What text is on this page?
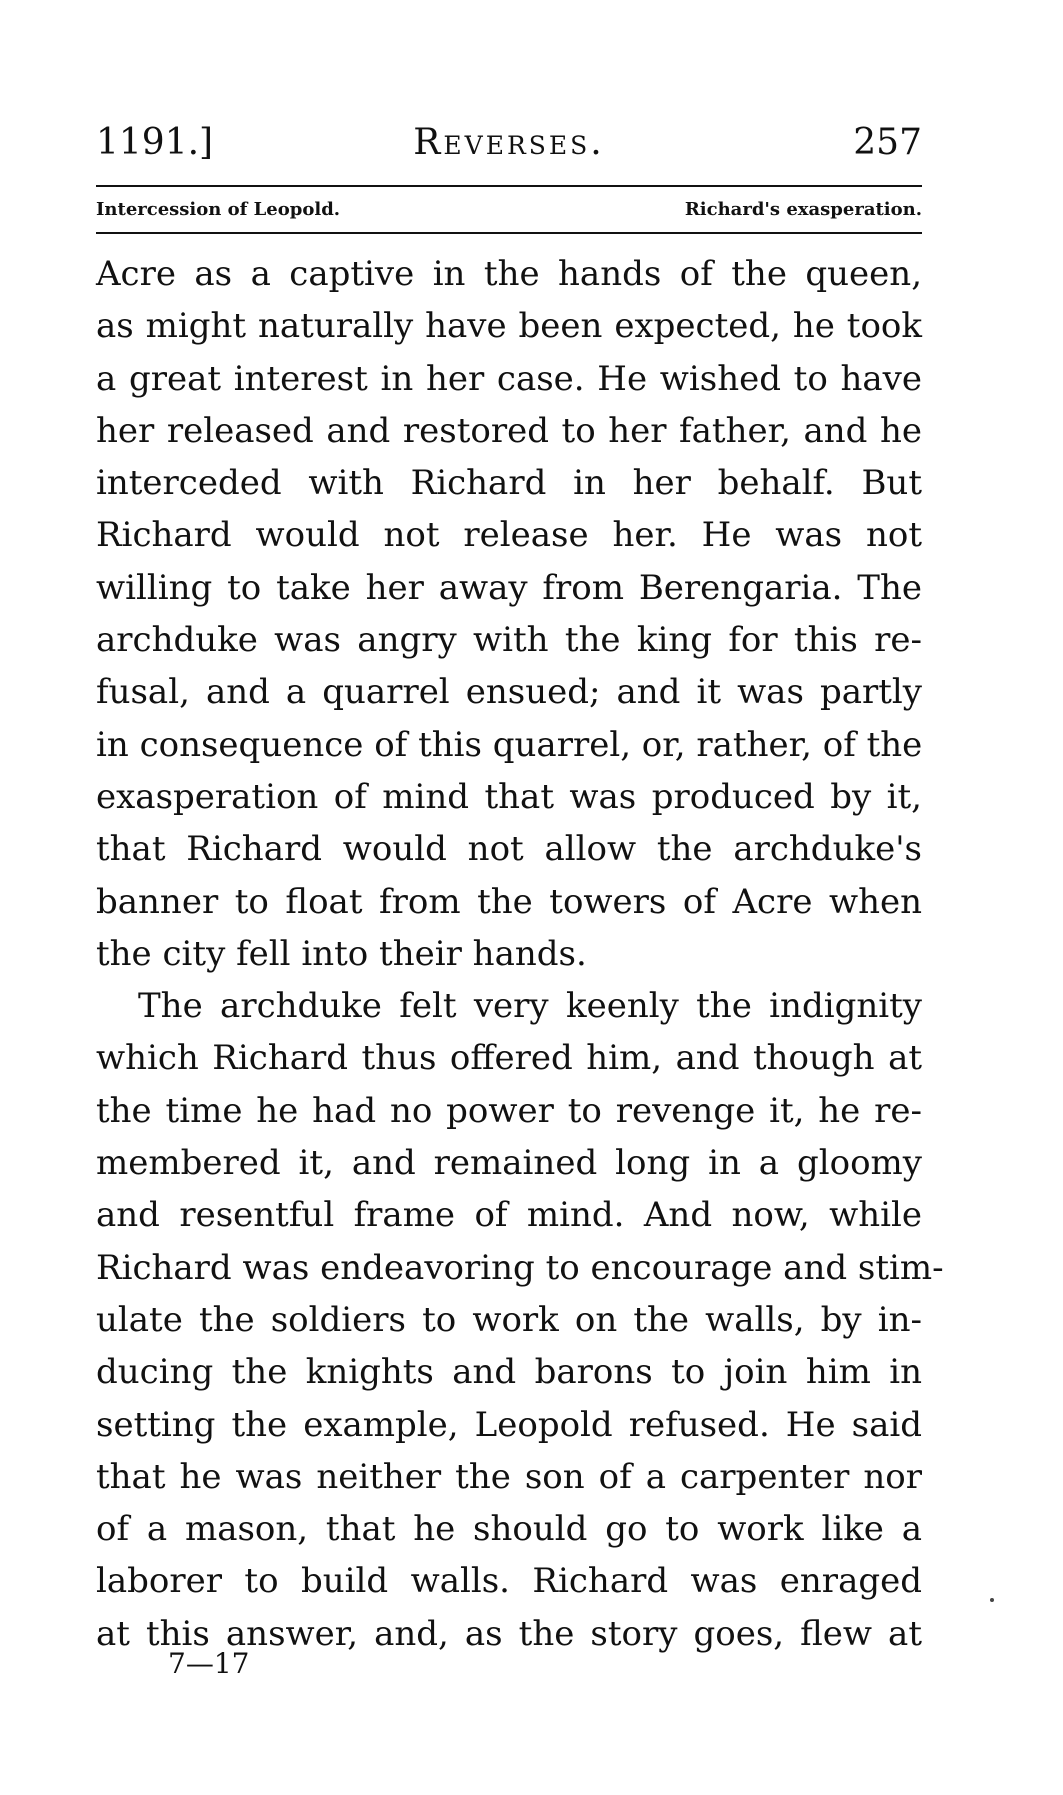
1191.]	Reverses.	257
Intercession of Leopold.	Richard's exasperation.
Acre as a captive in the hands of the queen,
as might naturally have been expected, he took
a great interest in her case. He wished to have
her released and restored to her father, and he
interceded with Richard in her behalf. But
Richard would not release her. He was not
willing to take her away from Berengaria. The
archduke was angry with the king for this re-
fusal, and a quarrel ensued; and it was partly
in consequence of this quarrel, or, rather, of the
exasperation of mind that was produced by it,
that Richard would not allow the archduke's
banner to float from the towers of Acre when
the city fell into their hands.
The archduke felt very keenly the indignity
which Richard thus offered him, and though at
the time he had no power to revenge it, he re-
membered it, and remained long in a gloomy
and resentful frame of mind. And now, while
Richard was endeavoring to encourage and stim-
ulate the soldiers to work on the walls, by in-
ducing the knights and barons to join him in
setting the example, Leopold refused. He said
that he was neither the son of a carpenter nor
of a mason, that he should go to work like a
laborer to build walls. Richard was enraged
at this answer, and, as the story goes, flew at
7—17
